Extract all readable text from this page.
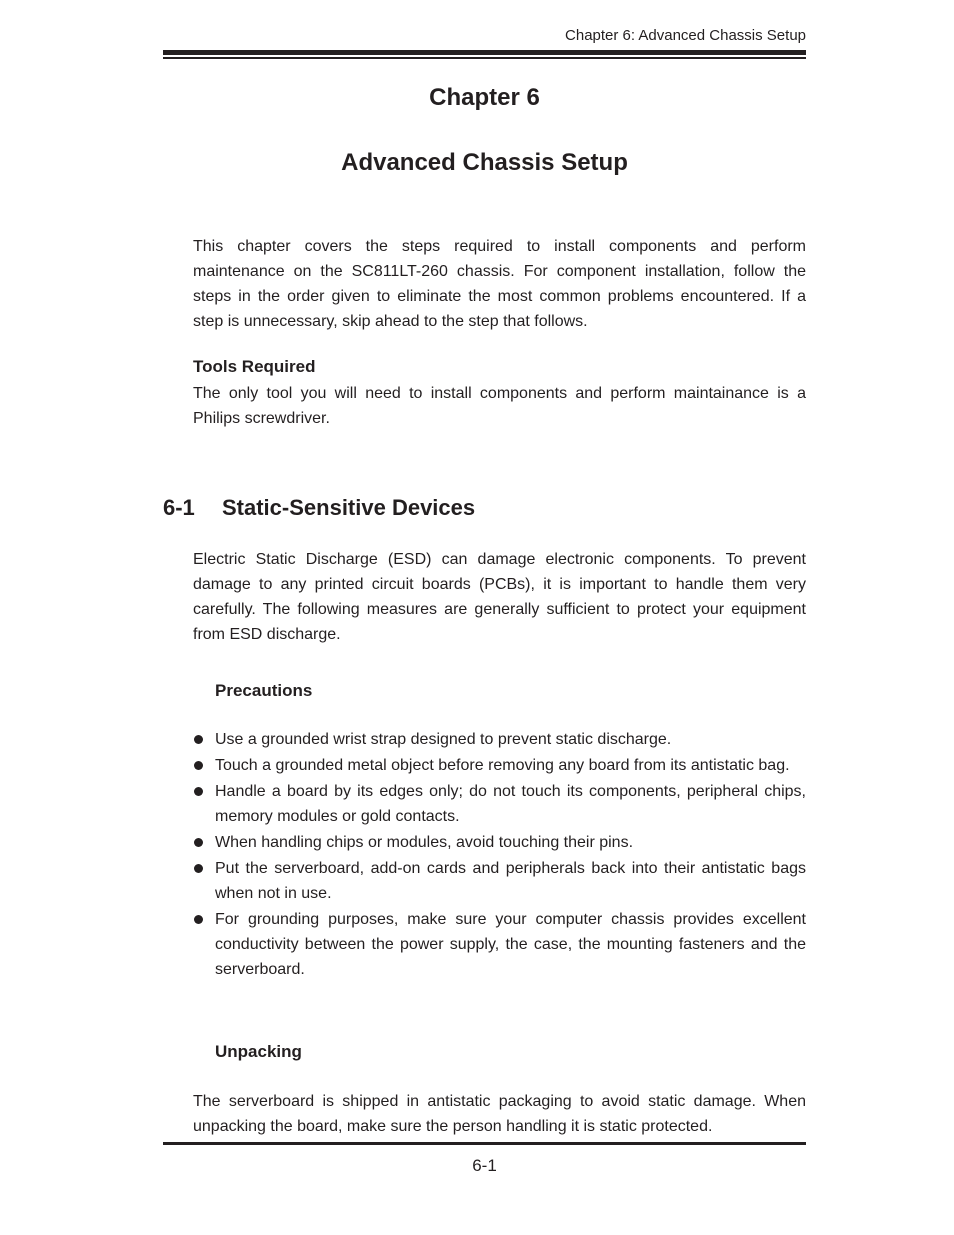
Chapter 6: Advanced Chassis Setup
Chapter 6
Advanced Chassis Setup

This chapter covers the steps required to install components and perform maintenance on the SC811LT-260 chassis. For component installation, follow the steps in the order given to eliminate the most common problems encountered. If a step is unnecessary, skip ahead to the step that follows.

Tools Required

The only tool you will need to install components and perform maintainance is a Philips screwdriver.

6-1 Static-Sensitive Devices

Electric Static Discharge (ESD) can damage electronic components. To prevent damage to any printed circuit boards (PCBs), it is important to handle them very carefully. The following measures are generally sufficient to protect your equipment from ESD discharge.

Precautions
Use a grounded wrist strap designed to prevent static discharge.
Touch a grounded metal object before removing any board from its antistatic bag.
Handle a board by its edges only; do not touch its components, peripheral chips, memory modules or gold contacts.
When handling chips or modules, avoid touching their pins.
Put the serverboard, add-on cards and peripherals back into their antistatic bags when not in use.
For grounding purposes, make sure your computer chassis provides excellent conductivity between the power supply, the case, the mounting fasteners and the serverboard.
Unpacking

The serverboard is shipped in antistatic packaging to avoid static damage. When unpacking the board, make sure the person handling it is static protected.

6-1
